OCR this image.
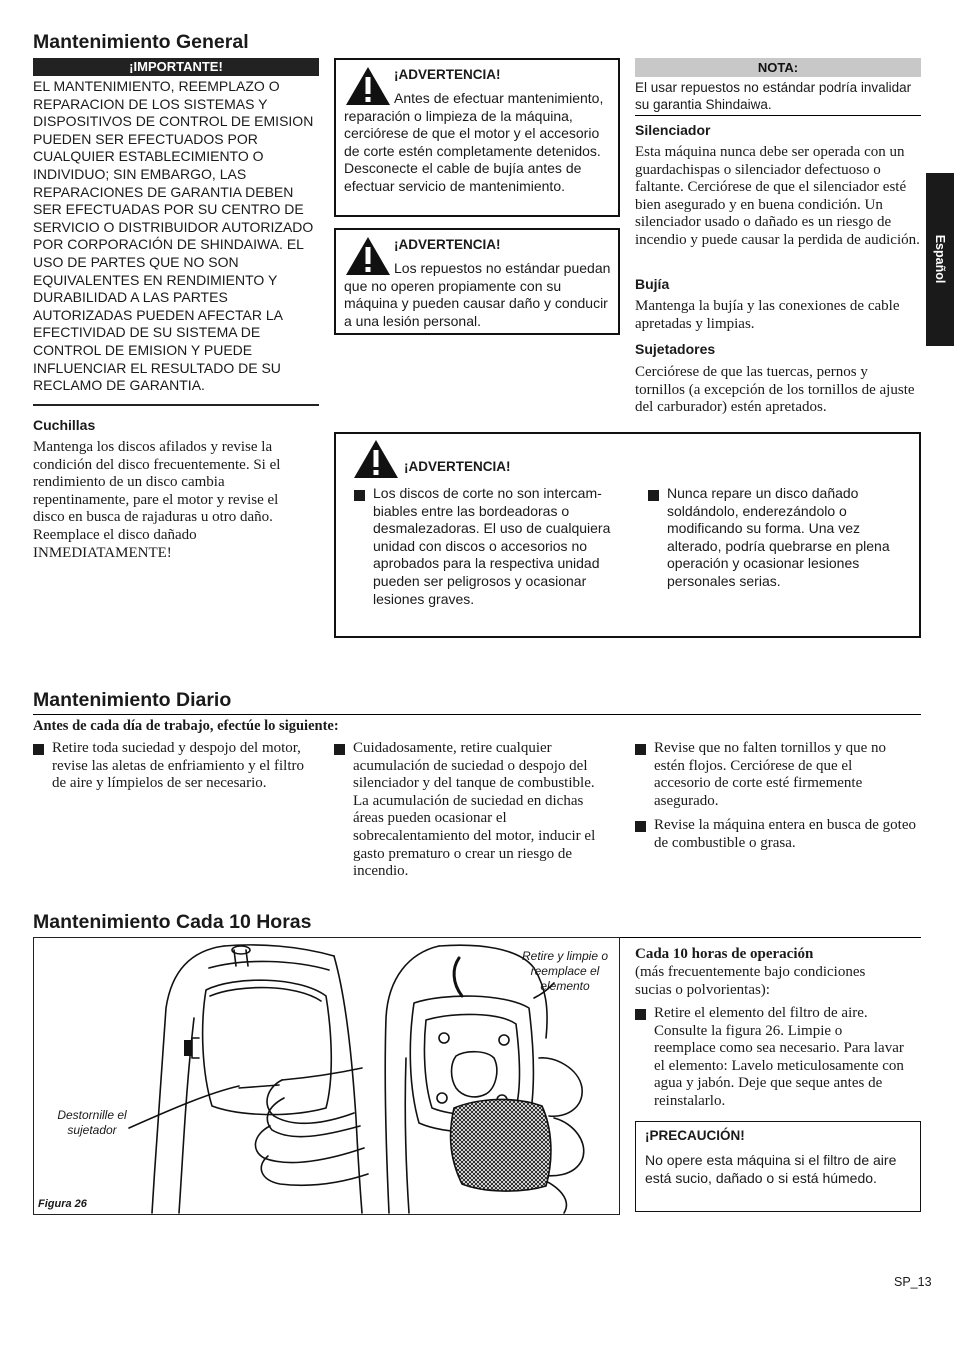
Mantenimiento General
¡IMPORTANTE!
EL MANTENIMIENTO, REEMPLAZO O REPARACION DE LOS SISTEMAS Y DISPOSITIVOS DE CONTROL DE EMISION PUEDEN SER EFECTUADOS POR CUALQUIER ESTABLECIMIENTO O INDIVIDUO; SIN EMBARGO, LAS REPARACIONES DE GARANTIA DEBEN SER EFECTUADAS POR SU CENTRO DE SERVICIO O DISTRIBUIDOR AUTORIZADO POR CORPORACIÓN DE SHINDAIWA. EL USO DE PARTES QUE NO SON EQUIVALENTES EN RENDIMIENTO Y DURABILIDAD A LAS PARTES AUTORIZADAS PUEDEN AFECTAR LA EFECTIVIDAD DE SU SISTEMA DE CONTROL DE EMISION Y PUEDE INFLUENCIAR EL RESULTADO DE SU RECLAMO DE GARANTIA.
Cuchillas
Mantenga los discos afilados y revise la condición del disco frecuentemente. Si el rendimiento de un disco cambia repentinamente, pare el motor y revise el disco en busca de rajaduras u otro daño. Reemplace el disco dañado INMEDIATAMENTE!
¡ADVERTENCIA!
Antes de efectuar mantenimiento, reparación o limpieza de la máquina, cerciórese de que el motor y el accesorio de corte estén completamente detenidos. Desconecte el cable de bujía antes de efectuar servicio de mantenimiento.
¡ADVERTENCIA!
Los repuestos no estándar puedan que no operen propiamente con su máquina y pueden causar daño y conducir a una lesión personal.
NOTA:
El usar repuestos no estándar podría invalidar su garantia Shindaiwa.
Silenciador
Esta máquina nunca debe ser operada con un guardachispas o silenciador defectuoso o faltante. Cerciórese de que el silenciador esté bien asegurado y en buena condición. Un silenciador usado o dañado es un riesgo de incendio y puede causar la perdida de audición.
Bujía
Mantenga la bujía y las conexiones de cable apretadas y limpias.
Sujetadores
Cerciórese de que las tuercas, pernos y tornillos (a excepción de los tornillos de ajuste del carburador) estén apretados.
Español
¡ADVERTENCIA!
Los discos de corte no son intercam-biables entre las bordeadoras o desmalezadoras. El uso de cualquiera unidad con discos o accesorios no aprobados para la respectiva unidad pueden ser peligrosos y ocasionar lesiones graves.
Nunca repare un disco dañado soldándolo, enderezándolo o modificando su forma. Una vez alterado, podría quebrarse en plena operación y ocasionar lesiones personales serias.
Mantenimiento Diario
Antes de cada día de trabajo, efectúe lo siguiente:
Retire toda suciedad y despojo del motor, revise las aletas de enfriamiento y el filtro de aire y límpielos de ser necesario.
Cuidadosamente, retire cualquier acumulación de suciedad o despojo del silenciador y del tanque de combustible. La acumulación de suciedad en dichas áreas pueden ocasionar el sobrecalentamiento del motor, inducir el gasto prematuro o crear un riesgo de incendio.
Revise que no falten tornillos y que no estén flojos. Cerciórese de que el accesorio de corte esté firmemente asegurado.
Revise la máquina entera en busca de goteo de combustible o grasa.
Mantenimiento Cada 10 Horas
Destornille el sujetador
Retire y limpie o reemplace el elemento
Figura 26
Cada 10 horas de operación
(más frecuentemente bajo condiciones sucias o polvorientas):
Retire el elemento del filtro de aire. Consulte la figura 26. Limpie o reemplace como sea necesario. Para lavar el elemento: Lavelo meticulosamente con agua y jabón. Deje que seque antes de reinstalarlo.
¡PRECAUCIÓN!
No opere esta máquina si el filtro de aire está sucio, dañado o si está húmedo.
SP_13
